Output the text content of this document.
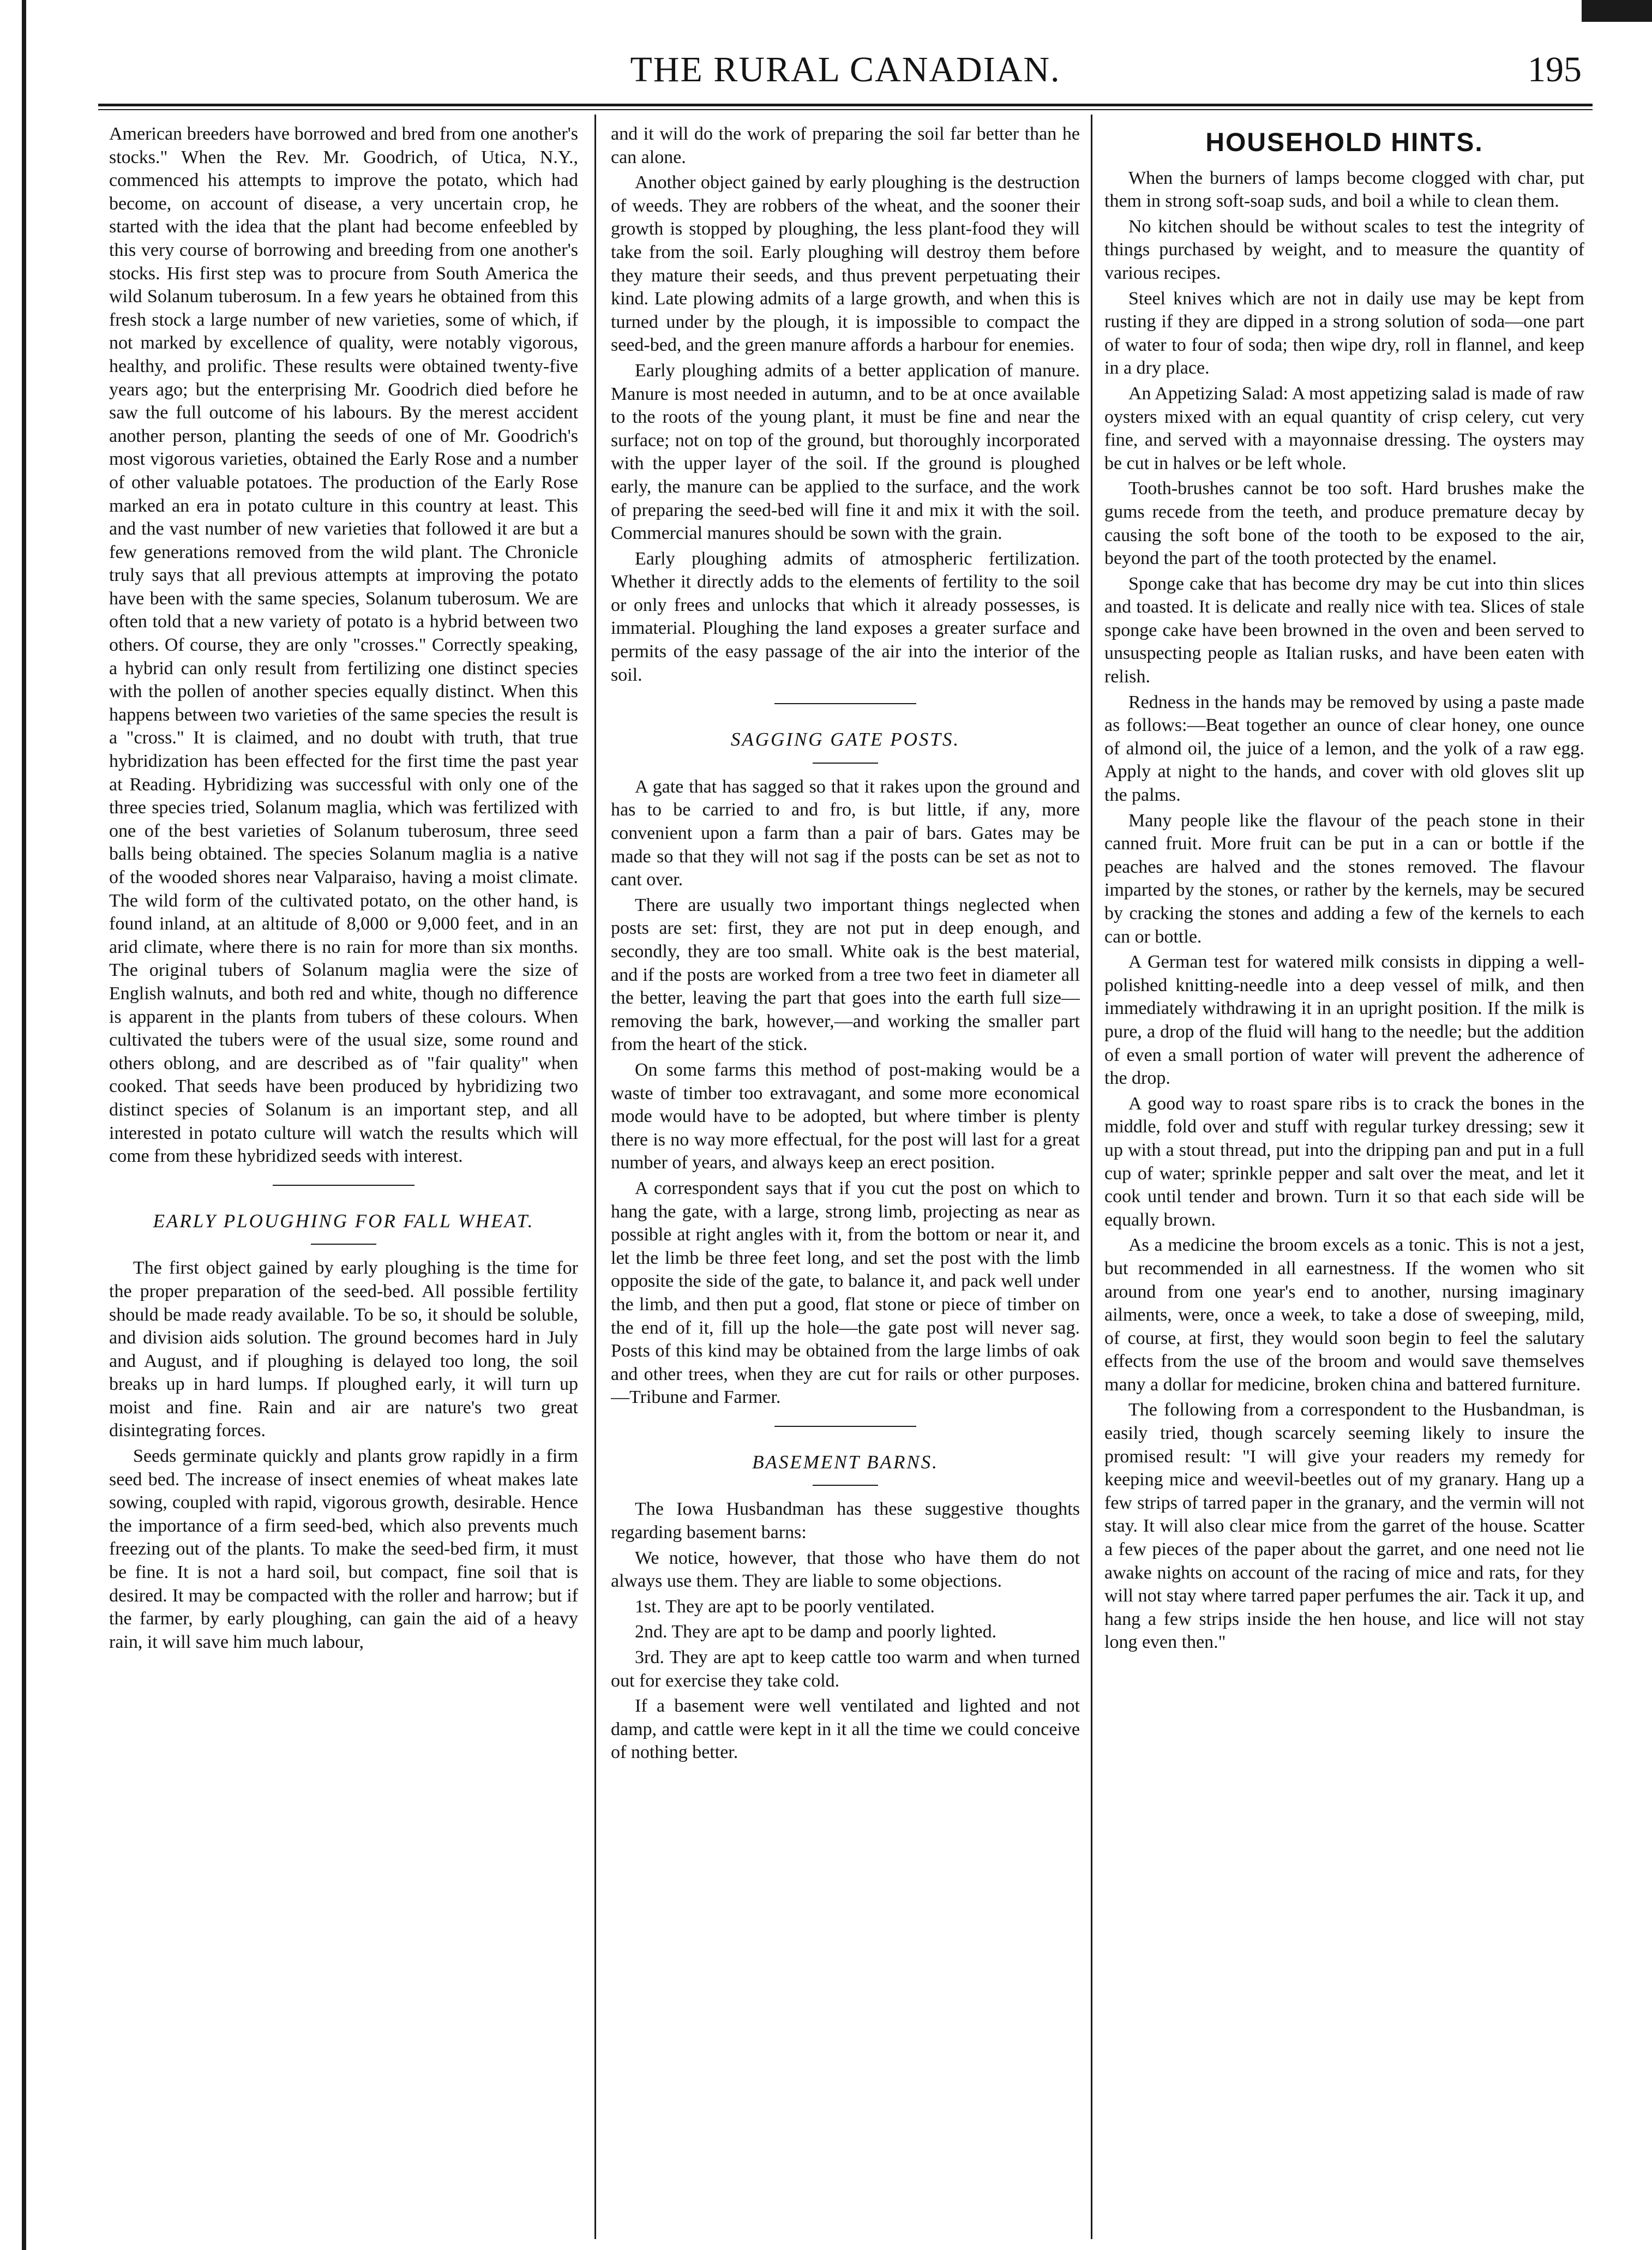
THE RURAL CANADIAN.	195

American breeders have borrowed and bred from one another's stocks." When the Rev. Mr. Goodrich, of Utica, N.Y., commenced his attempts to improve the potato, which had become, on account of disease, a very uncertain crop, he started with the idea that the plant had become enfeebled by this very course of borrowing and breeding from one another's stocks. His first step was to procure from South America the wild Solanum tuberosum. In a few years he obtained from this fresh stock a large number of new varieties, some of which, if not marked by excellence of quality, were notably vigorous, healthy, and prolific. These results were obtained twenty-five years ago; but the enterprising Mr. Goodrich died before he saw the full outcome of his labours. By the merest accident another person, planting the seeds of one of Mr. Goodrich's most vigorous varieties, obtained the Early Rose and a number of other valuable potatoes. The production of the Early Rose marked an era in potato culture in this country at least. This and the vast number of new varieties that followed it are but a few generations removed from the wild plant. The Chronicle truly says that all previous attempts at improving the potato have been with the same species, Solanum tuberosum. We are often told that a new variety of potato is a hybrid between two others. Of course, they are only "crosses." Correctly speaking, a hybrid can only result from fertilizing one distinct species with the pollen of another species equally distinct. When this happens between two varieties of the same species the result is a "cross." It is claimed, and no doubt with truth, that true hybridization has been effected for the first time the past year at Reading. Hybridizing was successful with only one of the three species tried, Solanum maglia, which was fertilized with one of the best varieties of Solanum tuberosum, three seed balls being obtained. The species Solanum maglia is a native of the wooded shores near Valparaiso, having a moist climate. The wild form of the cultivated potato, on the other hand, is found inland, at an altitude of 8,000 or 9,000 feet, and in an arid climate, where there is no rain for more than six months. The original tubers of Solanum maglia were the size of English walnuts, and both red and white, though no difference is apparent in the plants from tubers of these colours. When cultivated the tubers were of the usual size, some round and others oblong, and are described as of "fair quality" when cooked. That seeds have been produced by hybridizing two distinct species of Solanum is an important step, and all interested in potato culture will watch the results which will come from these hybridized seeds with interest.

EARLY PLOUGHING FOR FALL WHEAT.

The first object gained by early ploughing is the time for the proper preparation of the seed-bed. All possible fertility should be made ready available. To be so, it should be soluble, and division aids solution. The ground becomes hard in July and August, and if ploughing is delayed too long, the soil breaks up in hard lumps. If ploughed early, it will turn up moist and fine. Rain and air are nature's two great disintegrating forces.

Seeds germinate quickly and plants grow rapidly in a firm seed bed. The increase of insect enemies of wheat makes late sowing, coupled with rapid, vigorous growth, desirable. Hence the importance of a firm seed-bed, which also prevents much freezing out of the plants. To make the seed-bed firm, it must be fine. It is not a hard soil, but compact, fine soil that is desired. It may be compacted with the roller and harrow; but if the farmer, by early ploughing, can gain the aid of a heavy rain, it will save him much labour,

and it will do the work of preparing the soil far better than he can alone.

Another object gained by early ploughing is the destruction of weeds. They are robbers of the wheat, and the sooner their growth is stopped by ploughing, the less plant-food they will take from the soil. Early ploughing will destroy them before they mature their seeds, and thus prevent perpetuating their kind. Late plowing admits of a large growth, and when this is turned under by the plough, it is impossible to compact the seed-bed, and the green manure affords a harbour for enemies.

Early ploughing admits of a better application of manure. Manure is most needed in autumn, and to be at once available to the roots of the young plant, it must be fine and near the surface; not on top of the ground, but thoroughly incorporated with the upper layer of the soil. If the ground is ploughed early, the manure can be applied to the surface, and the work of preparing the seed-bed will fine it and mix it with the soil. Commercial manures should be sown with the grain.

Early ploughing admits of atmospheric fertilization. Whether it directly adds to the elements of fertility to the soil or only frees and unlocks that which it already possesses, is immaterial. Ploughing the land exposes a greater surface and permits of the easy passage of the air into the interior of the soil.

SAGGING GATE POSTS.

A gate that has sagged so that it rakes upon the ground and has to be carried to and fro, is but little, if any, more convenient upon a farm than a pair of bars. Gates may be made so that they will not sag if the posts can be set as not to cant over.

There are usually two important things neglected when posts are set: first, they are not put in deep enough, and secondly, they are too small. White oak is the best material, and if the posts are worked from a tree two feet in diameter all the better, leaving the part that goes into the earth full size—removing the bark, however,—and working the smaller part from the heart of the stick.

On some farms this method of post-making would be a waste of timber too extravagant, and some more economical mode would have to be adopted, but where timber is plenty there is no way more effectual, for the post will last for a great number of years, and always keep an erect position.

A correspondent says that if you cut the post on which to hang the gate, with a large, strong limb, projecting as near as possible at right angles with it, from the bottom or near it, and let the limb be three feet long, and set the post with the limb opposite the side of the gate, to balance it, and pack well under the limb, and then put a good, flat stone or piece of timber on the end of it, fill up the hole—the gate post will never sag. Posts of this kind may be obtained from the large limbs of oak and other trees, when they are cut for rails or other purposes.—Tribune and Farmer.

BASEMENT BARNS.

The Iowa Husbandman has these suggestive thoughts regarding basement barns:

We notice, however, that those who have them do not always use them. They are liable to some objections.

1st. They are apt to be poorly ventilated.

2nd. They are apt to be damp and poorly lighted.

3rd. They are apt to keep cattle too warm and when turned out for exercise they take cold.

If a basement were well ventilated and lighted and not damp, and cattle were kept in it all the time we could conceive of nothing better.

HOUSEHOLD HINTS.

When the burners of lamps become clogged with char, put them in strong soft-soap suds, and boil a while to clean them.

No kitchen should be without scales to test the integrity of things purchased by weight, and to measure the quantity of various recipes.

Steel knives which are not in daily use may be kept from rusting if they are dipped in a strong solution of soda—one part of water to four of soda; then wipe dry, roll in flannel, and keep in a dry place.

An Appetizing Salad: A most appetizing salad is made of raw oysters mixed with an equal quantity of crisp celery, cut very fine, and served with a mayonnaise dressing. The oysters may be cut in halves or be left whole.

Tooth-brushes cannot be too soft. Hard brushes make the gums recede from the teeth, and produce premature decay by causing the soft bone of the tooth to be exposed to the air, beyond the part of the tooth protected by the enamel.

Sponge cake that has become dry may be cut into thin slices and toasted. It is delicate and really nice with tea. Slices of stale sponge cake have been browned in the oven and been served to unsuspecting people as Italian rusks, and have been eaten with relish.

Redness in the hands may be removed by using a paste made as follows:—Beat together an ounce of clear honey, one ounce of almond oil, the juice of a lemon, and the yolk of a raw egg. Apply at night to the hands, and cover with old gloves slit up the palms.

Many people like the flavour of the peach stone in their canned fruit. More fruit can be put in a can or bottle if the peaches are halved and the stones removed. The flavour imparted by the stones, or rather by the kernels, may be secured by cracking the stones and adding a few of the kernels to each can or bottle.

A German test for watered milk consists in dipping a well-polished knitting-needle into a deep vessel of milk, and then immediately withdrawing it in an upright position. If the milk is pure, a drop of the fluid will hang to the needle; but the addition of even a small portion of water will prevent the adherence of the drop.

A good way to roast spare ribs is to crack the bones in the middle, fold over and stuff with regular turkey dressing; sew it up with a stout thread, put into the dripping pan and put in a full cup of water; sprinkle pepper and salt over the meat, and let it cook until tender and brown. Turn it so that each side will be equally brown.

As a medicine the broom excels as a tonic. This is not a jest, but recommended in all earnestness. If the women who sit around from one year's end to another, nursing imaginary ailments, were, once a week, to take a dose of sweeping, mild, of course, at first, they would soon begin to feel the salutary effects from the use of the broom and would save themselves many a dollar for medicine, broken china and battered furniture.

The following from a correspondent to the Husbandman, is easily tried, though scarcely seeming likely to insure the promised result: "I will give your readers my remedy for keeping mice and weevil-beetles out of my granary. Hang up a few strips of tarred paper in the granary, and the vermin will not stay. It will also clear mice from the garret of the house. Scatter a few pieces of the paper about the garret, and one need not lie awake nights on account of the racing of mice and rats, for they will not stay where tarred paper perfumes the air. Tack it up, and hang a few strips inside the hen house, and lice will not stay long even then."
